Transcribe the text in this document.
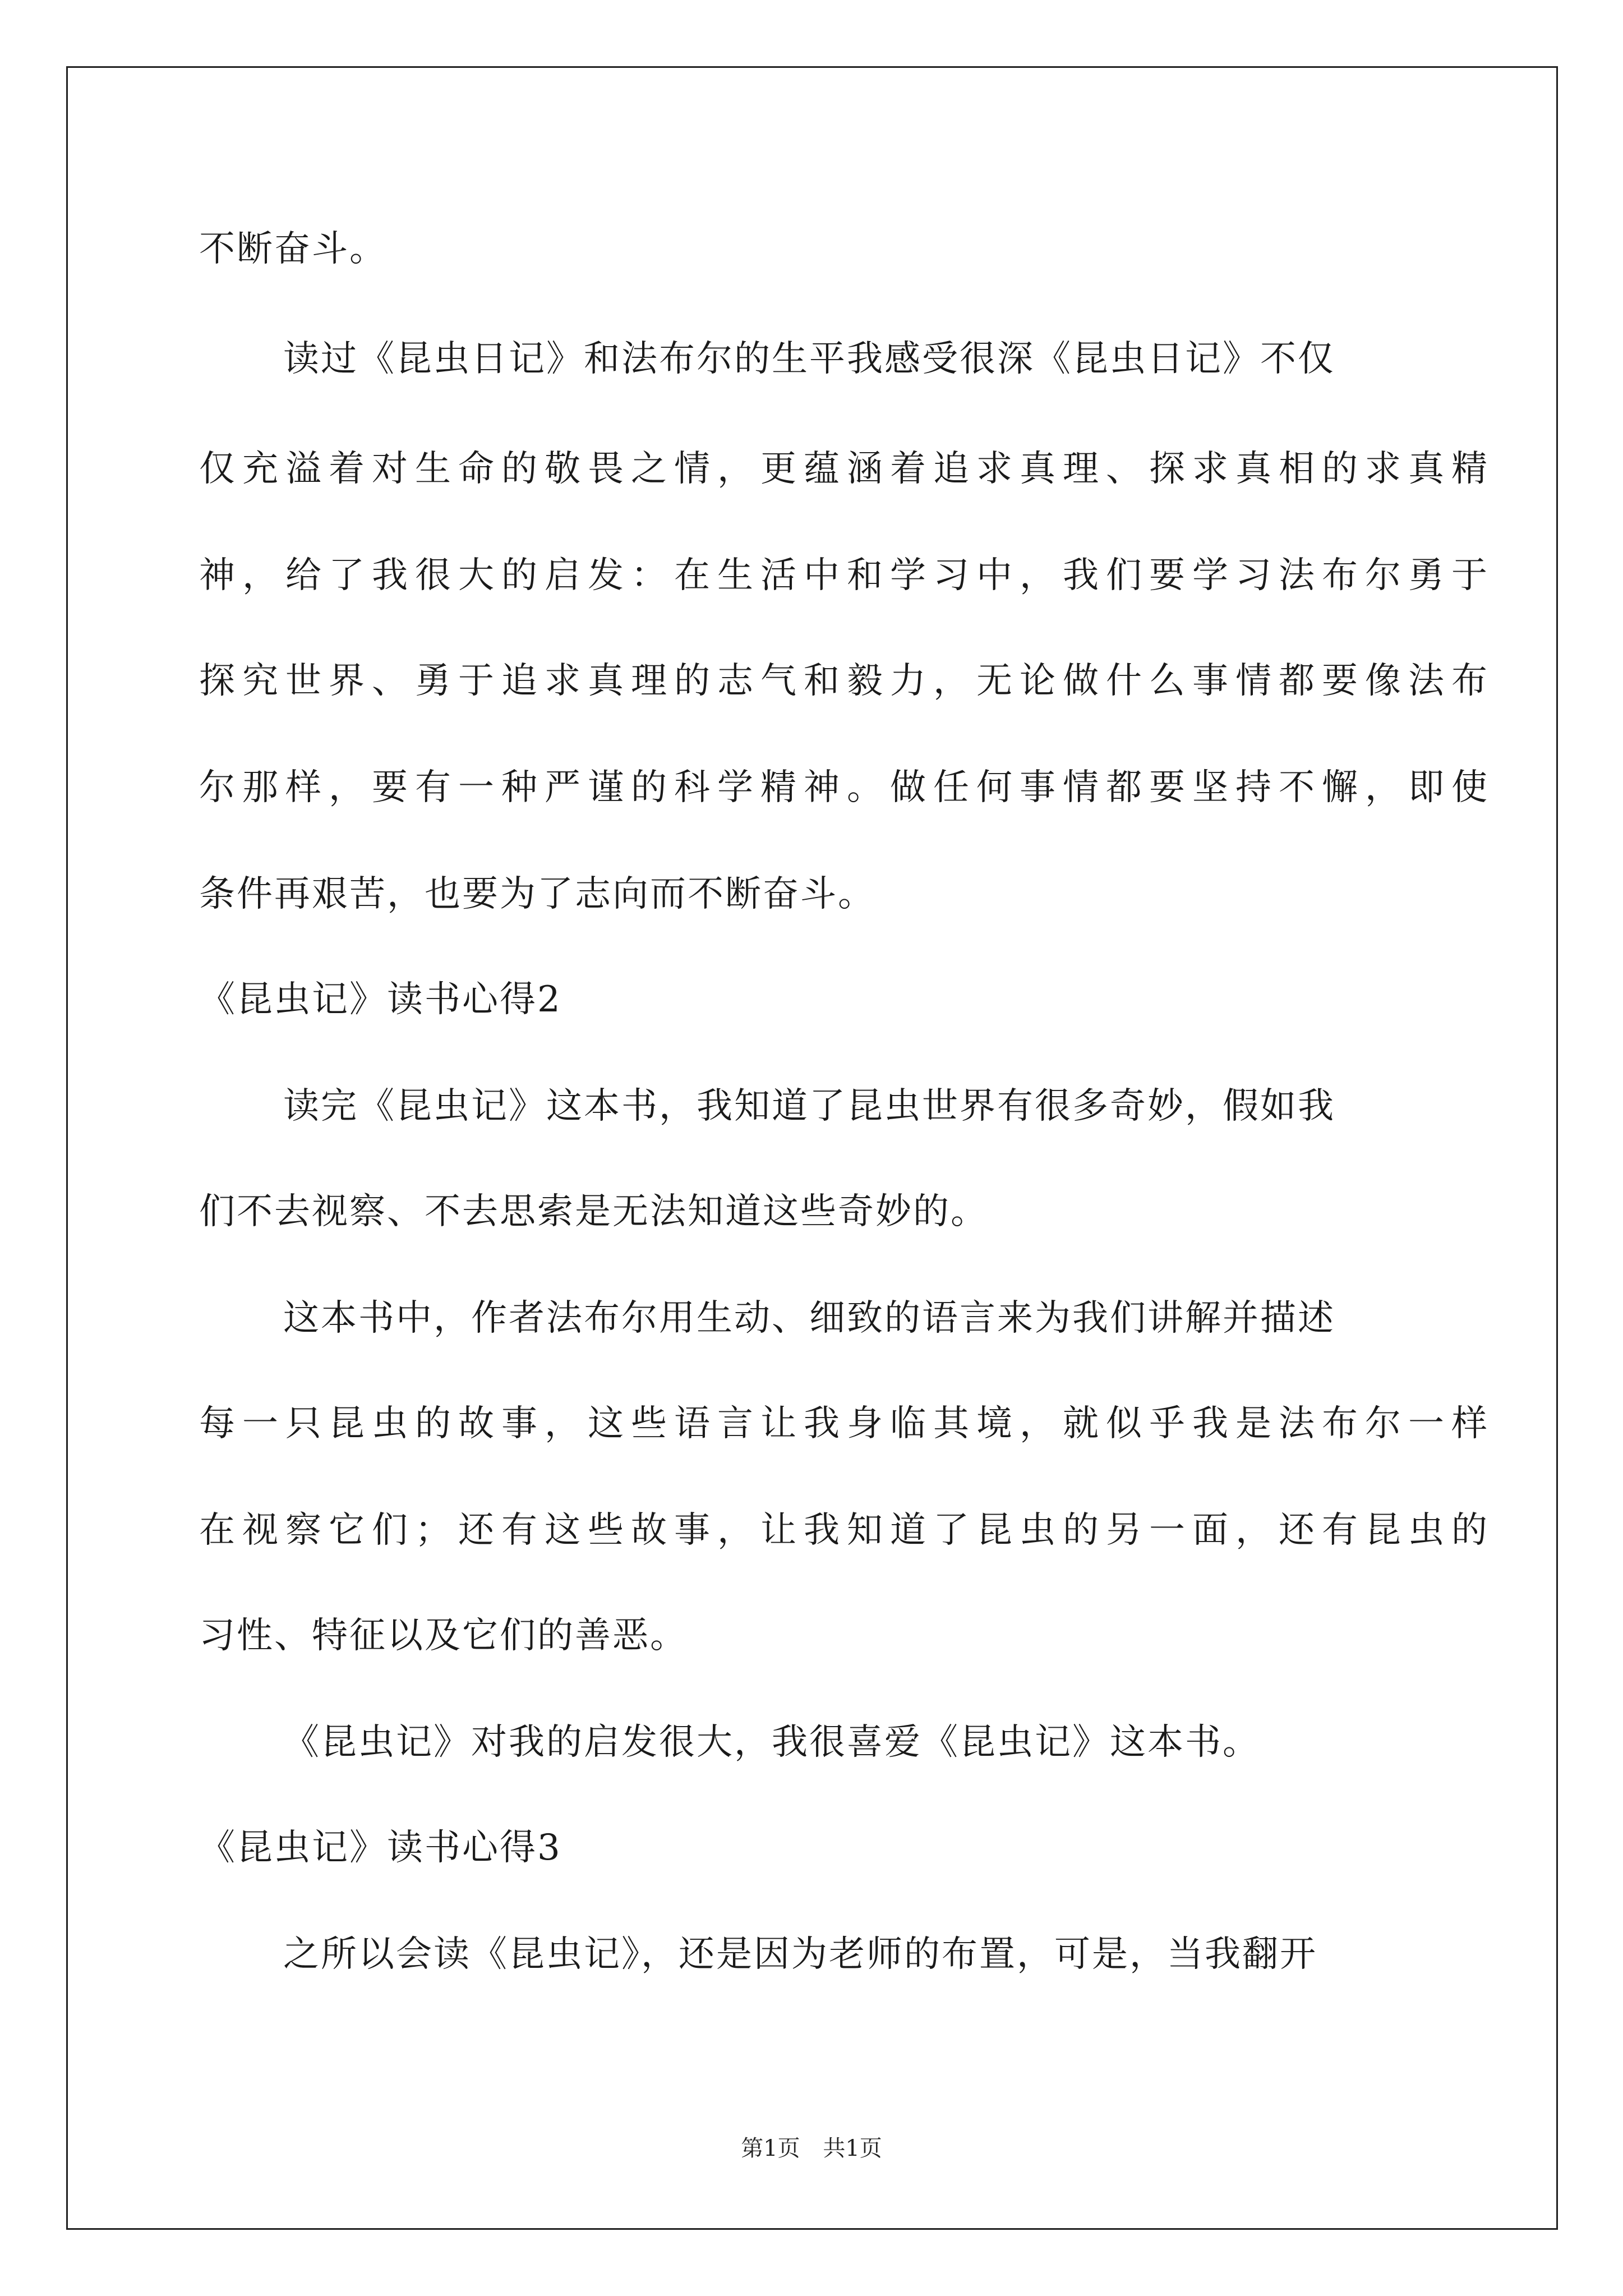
不断奋斗。
读过《昆虫日记》和法布尔的生平我感受很深《昆虫日记》不仅
仅充溢着对生命的敬畏之情，更蕴涵着追求真理、探求真相的求真精
神，给了我很大的启发：在生活中和学习中，我们要学习法布尔勇于
探究世界、勇于追求真理的志气和毅力，无论做什么事情都要像法布
尔那样，要有一种严谨的科学精神。做任何事情都要坚持不懈，即使
条件再艰苦，也要为了志向而不断奋斗。
《昆虫记》读书心得2
读完《昆虫记》这本书，我知道了昆虫世界有很多奇妙，假如我
们不去视察、不去思索是无法知道这些奇妙的。
这本书中，作者法布尔用生动、细致的语言来为我们讲解并描述
每一只昆虫的故事，这些语言让我身临其境，就似乎我是法布尔一样
在视察它们；还有这些故事，让我知道了昆虫的另一面，还有昆虫的
习性、特征以及它们的善恶。
《昆虫记》对我的启发很大，我很喜爱《昆虫记》这本书。
《昆虫记》读书心得3
之所以会读《昆虫记》，还是因为老师的布置，可是，当我翻开
第1页 共1页
